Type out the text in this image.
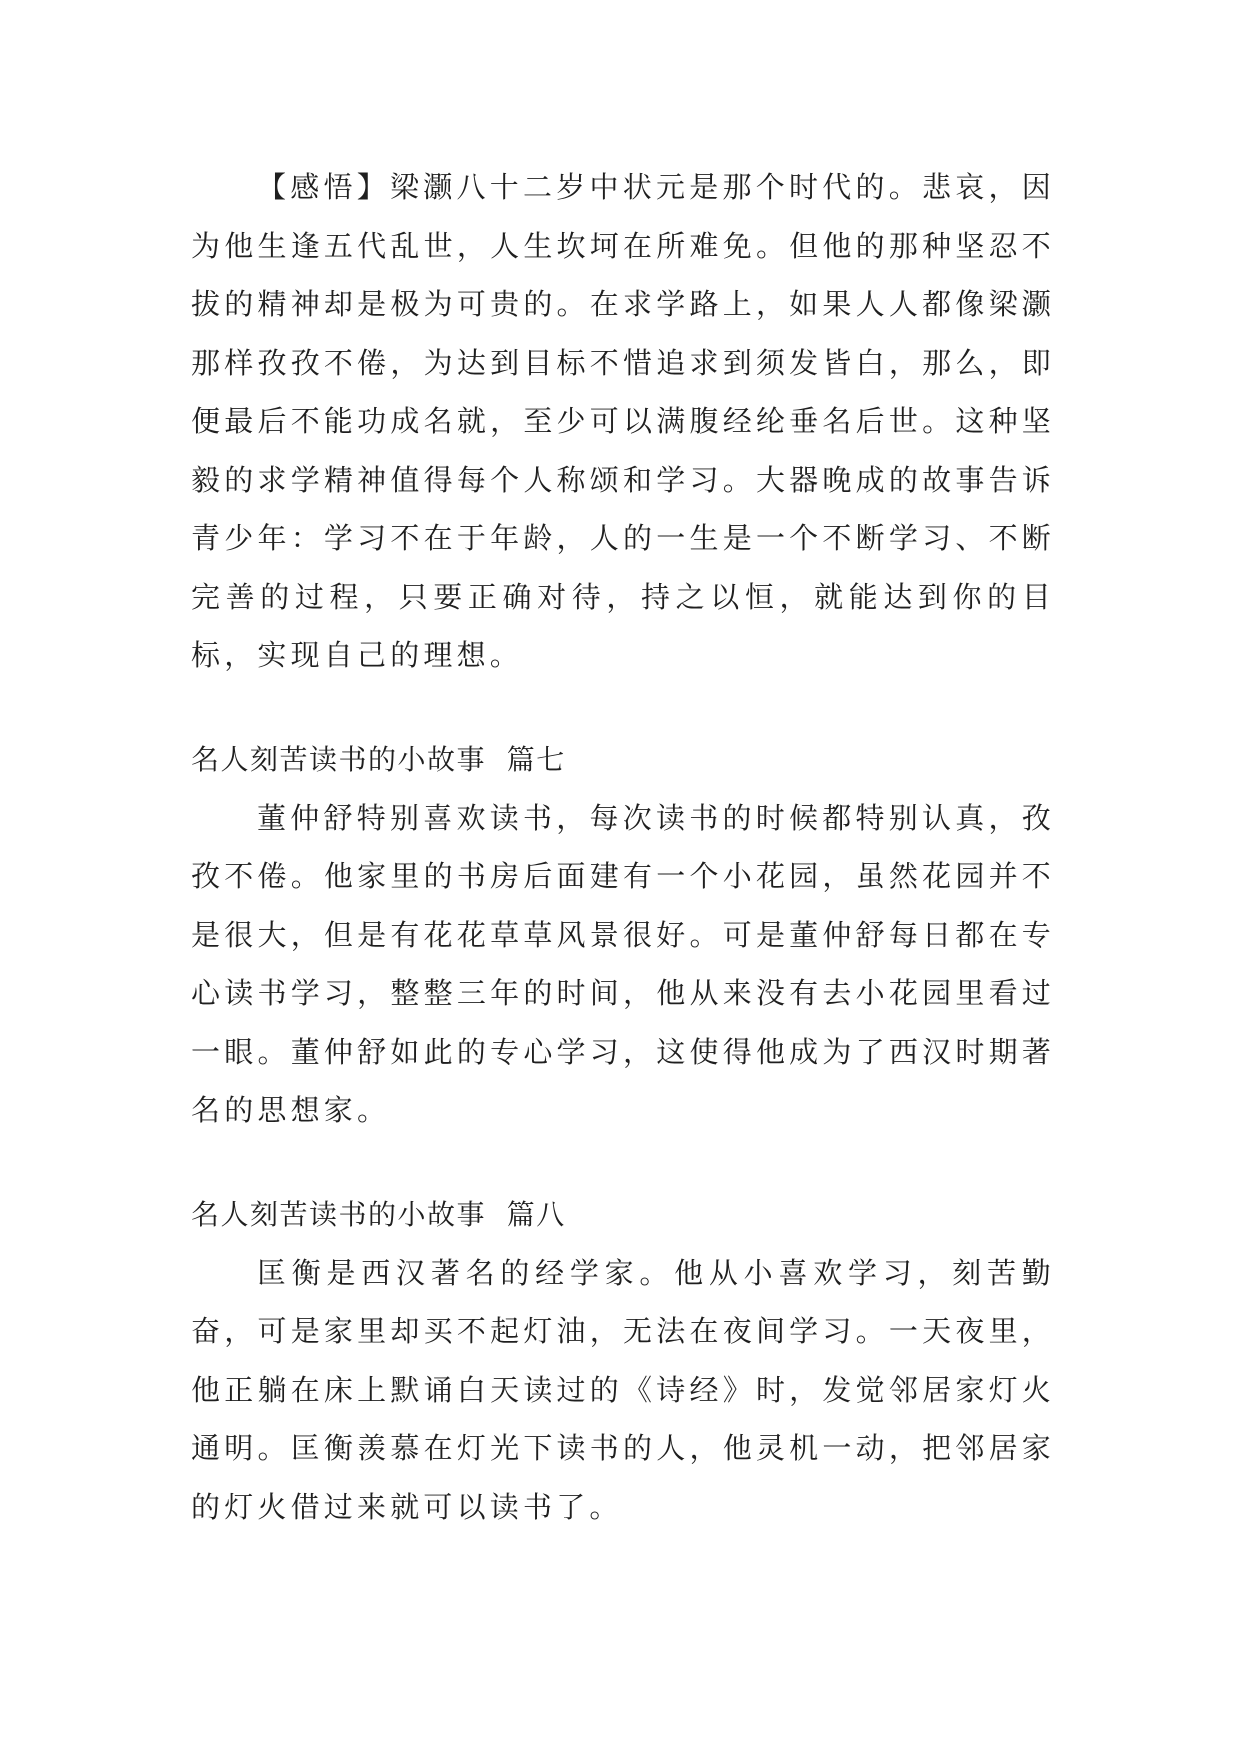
【感悟】梁灏八十二岁中状元是那个时代的。悲哀，因为他生逢五代乱世，人生坎坷在所难免。但他的那种坚忍不拔的精神却是极为可贵的。在求学路上，如果人人都像梁灏那样孜孜不倦，为达到目标不惜追求到须发皆白，那么，即便最后不能功成名就，至少可以满腹经纶垂名后世。这种坚毅的求学精神值得每个人称颂和学习。大器晚成的故事告诉青少年：学习不在于年龄，人的一生是一个不断学习、不断完善的过程，只要正确对待，持之以恒，就能达到你的目标，实现自己的理想。

名人刻苦读书的小故事  篇七

董仲舒特别喜欢读书，每次读书的时候都特别认真，孜孜不倦。他家里的书房后面建有一个小花园，虽然花园并不是很大，但是有花花草草风景很好。可是董仲舒每日都在专心读书学习，整整三年的时间，他从来没有去小花园里看过一眼。董仲舒如此的专心学习，这使得他成为了西汉时期著名的思想家。

名人刻苦读书的小故事  篇八

匡衡是西汉著名的经学家。他从小喜欢学习，刻苦勤奋，可是家里却买不起灯油，无法在夜间学习。一天夜里，他正躺在床上默诵白天读过的《诗经》时，发觉邻居家灯火通明。匡衡羡慕在灯光下读书的人，他灵机一动，把邻居家的灯火借过来就可以读书了。
